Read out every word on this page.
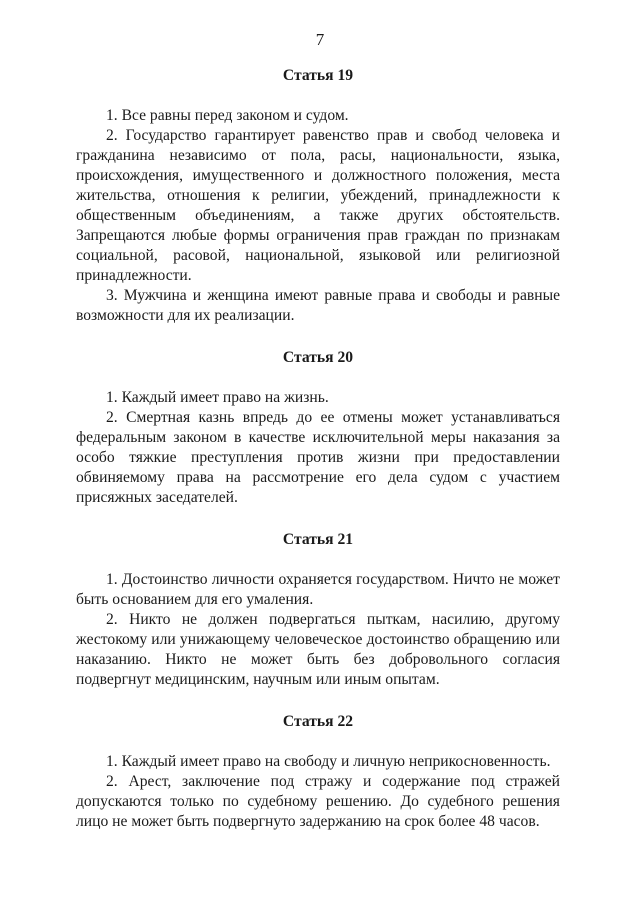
7
Статья 19

1. Все равны перед законом и судом.

2. Государство гарантирует равенство прав и свобод человека и гражданина независимо от пола, расы, национальности, языка, происхождения, имущественного и должностного положения, места жительства, отношения к религии, убеждений, принадлежности к общественным объединениям, а также других обстоятельств. Запрещаются любые формы ограничения прав граждан по признакам социальной, расовой, национальной, языковой или религиозной принадлежности.

3. Мужчина и женщина имеют равные права и свободы и равные возможности для их реализации.

Статья 20

1. Каждый имеет право на жизнь.

2. Смертная казнь впредь до ее отмены может устанавливаться федеральным законом в качестве исключительной меры наказания за особо тяжкие преступления против жизни при предоставлении обвиняемому права на рассмотрение его дела судом с участием присяжных заседателей.

Статья 21

1. Достоинство личности охраняется государством. Ничто не может быть основанием для его умаления.

2. Никто не должен подвергаться пыткам, насилию, другому жестокому или унижающему человеческое достоинство обращению или наказанию. Никто не может быть без добровольного согласия подвергнут медицинским, научным или иным опытам.

Статья 22

1. Каждый имеет право на свободу и личную неприкосновенность.

2. Арест, заключение под стражу и содержание под стражей допускаются только по судебному решению. До судебного решения лицо не может быть подвергнуто задержанию на срок более 48 часов.
